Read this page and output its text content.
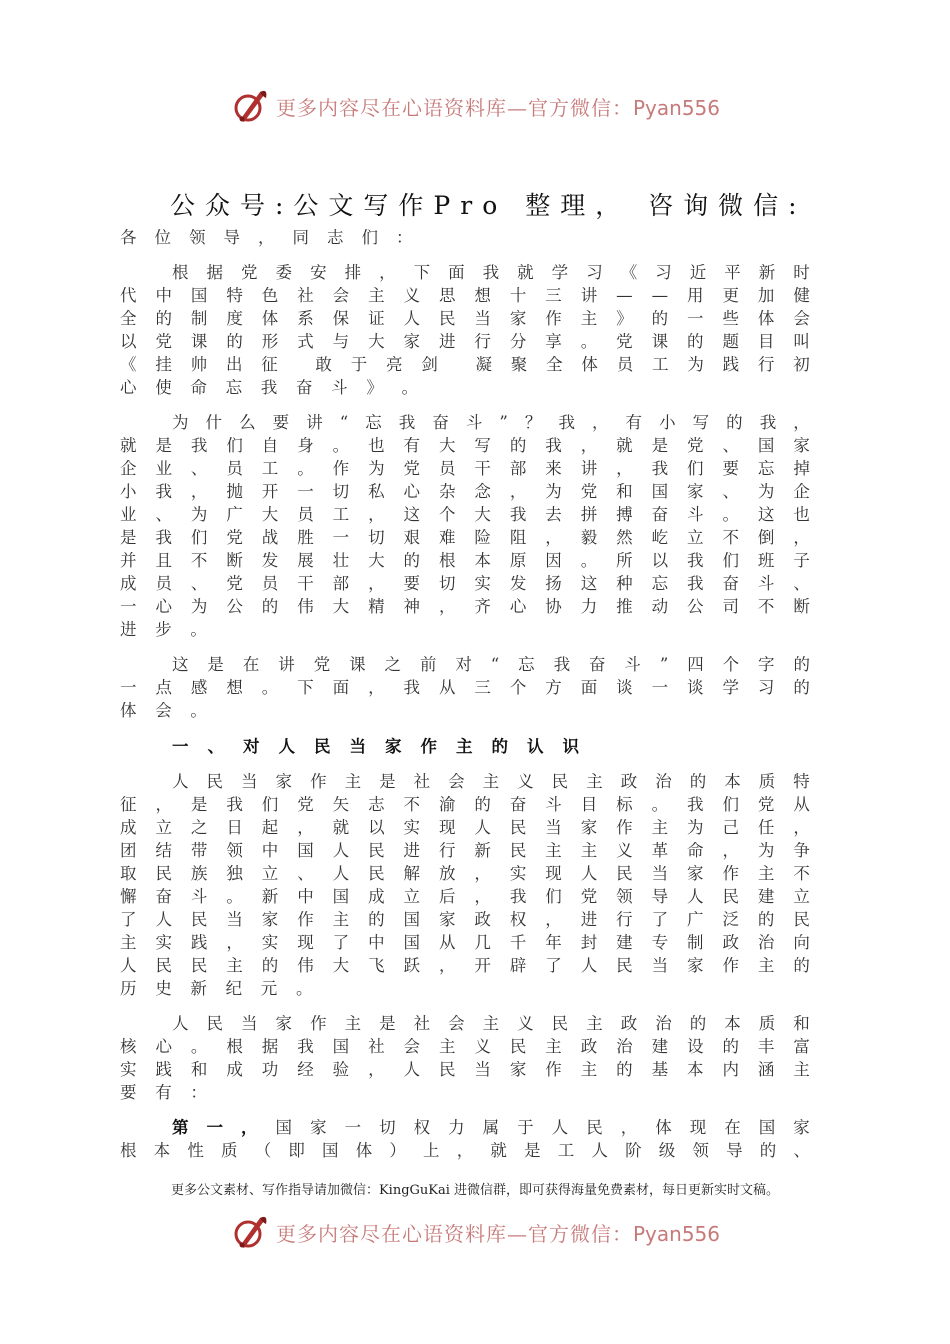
更多内容尽在心语资料库—官方微信：Pyan556
公众号:公文写作Pro 整理， 咨询微信:
各	位	领	导	，	同	志	们	：
根 据 党 委 安 排 ， 下 面 我 就 学 习 《 习 近 平 新 时
代 中 国 特 色 社 会 主 义 思 想 十 三 讲 — — 用 更 加 健
全 的 制 度 体 系 保 证 人 民 当 家 作 主 》 的 一 些 体 会
以 党 课 的 形 式 与 大 家 进 行 分 享 。 党 课 的 题 目 叫
《 挂 帅 出 征 敢 于 亮 剑 凝 聚 全 体 员 工 为 践 行 初
心	使	命	忘	我	奋	斗	》	。
为 什 么 要 讲 “ 忘 我 奋 斗 ” ？ 我 ， 有 小 写 的 我 ，
就 是 我 们 自 身 。 也 有 大 写 的 我 ， 就 是 党 、 国 家
企 业 、 员 工 。 作 为 党 员 干 部 来 讲 ， 我 们 要 忘 掉
小 我 ， 抛 开 一 切 私 心 杂 念 ， 为 党 和 国 家 、 为 企
业 、 为 广 大 员 工 ， 这 个 大 我 去 拼 搏 奋 斗 。 这 也
是 我 们 党 战 胜 一 切 艰 难 险 阻 ， 毅 然 屹 立 不 倒 ，
并 且 不 断 发 展 壮 大 的 根 本 原 因 。 所 以 我 们 班 子
成 员 、 党 员 干 部 ， 要 切 实 发 扬 这 种 忘 我 奋 斗 、
一 心 为 公 的 伟 大 精 神 ， 齐 心 协 力 推 动 公 司 不 断
进	步	。
这 是 在 讲 党 课 之 前 对 “ 忘 我 奋 斗 ” 四 个 字 的
一 点 感 想 。 下 面 ， 我 从 三 个 方 面 谈 一 谈 学 习 的
体	会	。
一	、	对	人	民	当	家	作	主	的	认	识
人 民 当 家 作 主 是 社 会 主 义 民 主 政 治 的 本 质 特
征 ， 是 我 们 党 矢 志 不 渝 的 奋 斗 目 标 。 我 们 党 从
成 立 之 日 起 ， 就 以 实 现 人 民 当 家 作 主 为 己 任 ，
团 结 带 领 中 国 人 民 进 行 新 民 主 主 义 革 命 ， 为 争
取 民 族 独 立 、 人 民 解 放 ， 实 现 人 民 当 家 作 主 不
懈 奋 斗 。 新 中 国 成 立 后 ， 我 们 党 领 导 人 民 建 立
了 人 民 当 家 作 主 的 国 家 政 权 ， 进 行 了 广 泛 的 民
主 实 践 ， 实 现 了 中 国 从 几 千 年 封 建 专 制 政 治 向
人 民 民 主 的 伟 大 飞 跃 ， 开 辟 了 人 民 当 家 作 主 的
历	史	新	纪	元	。
人 民 当 家 作 主 是 社 会 主 义 民 主 政 治 的 本 质 和
核 心 。 根 据 我 国 社 会 主 义 民 主 政 治 建 设 的 丰 富
实 践 和 成 功 经 验 ， 人 民 当 家 作 主 的 基 本 内 涵 主
要	有	：
第 一 ， 国 家 一 切 权 力 属 于 人 民 ， 体 现 在 国 家
根 本 性 质 （ 即 国 体 ） 上 ， 就 是 工 人 阶 级 领 导 的 、
更多公文素材、写作指导请加微信：KingGuKai 进微信群，即可获得海量免费素材，每日更新实时文稿。
更多内容尽在心语资料库—官方微信：Pyan556
